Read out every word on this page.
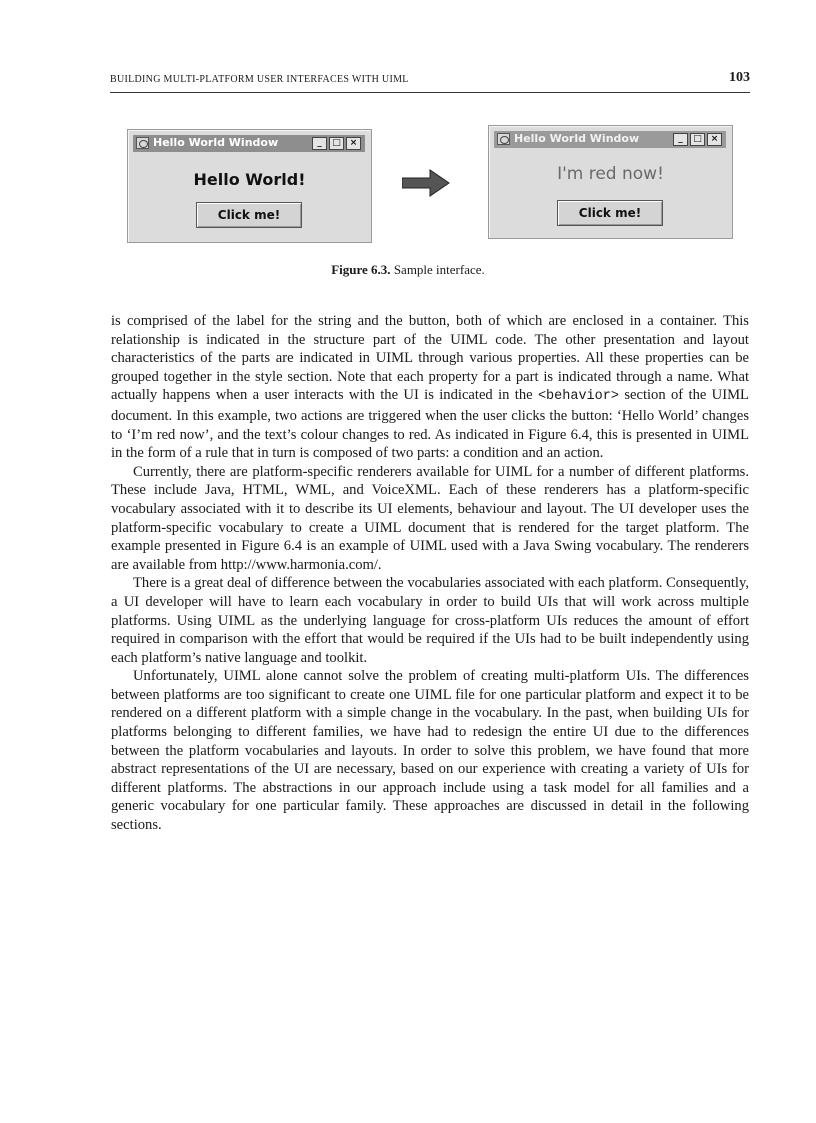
BUILDING MULTI-PLATFORM USER INTERFACES WITH UIML	103
Hello World Window	_	□ ×
Hello World!
Click me!
Hello World Window	_	□ ×
I'm red now!
Click me!
Figure 6.3. Sample interface.

is comprised of the label for the string and the button, both of which are enclosed in a container. This relationship is indicated in the structure part of the UIML code. The other presentation and layout characteristics of the parts are indicated in UIML through various properties. All these properties can be grouped together in the style section. Note that each property for a part is indicated through a name. What actually happens when a user interacts with the UI is indicated in the <behavior> section of the UIML document. In this example, two actions are triggered when the user clicks the button: ‘Hello World’ changes to ‘I’m red now’, and the text’s colour changes to red. As indicated in Figure 6.4, this is presented in UIML in the form of a rule that in turn is composed of two parts: a condition and an action.

Currently, there are platform-specific renderers available for UIML for a number of different platforms. These include Java, HTML, WML, and VoiceXML. Each of these renderers has a platform-specific vocabulary associated with it to describe its UI elements, behaviour and layout. The UI developer uses the platform-specific vocabulary to create a UIML document that is rendered for the target platform. The example presented in Figure 6.4 is an example of UIML used with a Java Swing vocabulary. The renderers are available from http://www.harmonia.com/.

There is a great deal of difference between the vocabularies associated with each platform. Consequently, a UI developer will have to learn each vocabulary in order to build UIs that will work across multiple platforms. Using UIML as the underlying language for cross-platform UIs reduces the amount of effort required in comparison with the effort that would be required if the UIs had to be built independently using each platform’s native language and toolkit.

Unfortunately, UIML alone cannot solve the problem of creating multi-platform UIs. The differences between platforms are too significant to create one UIML file for one particular platform and expect it to be rendered on a different platform with a simple change in the vocabulary. In the past, when building UIs for platforms belonging to different families, we have had to redesign the entire UI due to the differences between the platform vocabularies and layouts. In order to solve this problem, we have found that more abstract representations of the UI are necessary, based on our experience with creating a variety of UIs for different platforms. The abstractions in our approach include using a task model for all families and a generic vocabulary for one particular family. These approaches are discussed in detail in the following sections.
